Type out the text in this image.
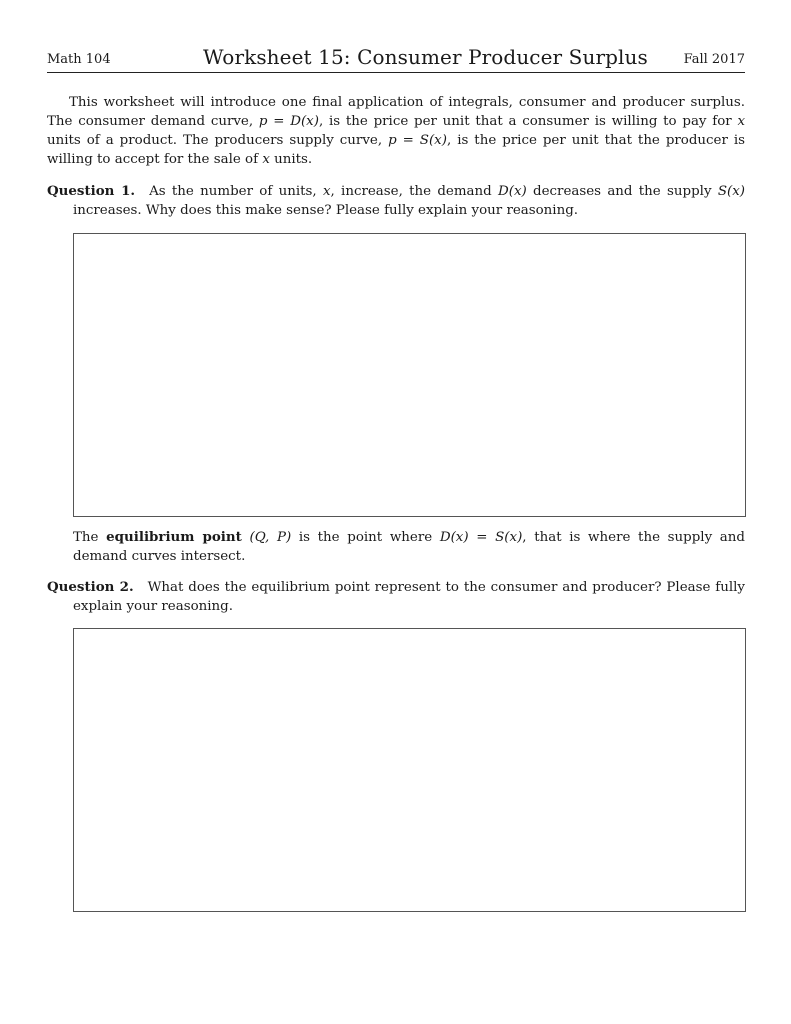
Math 104	Worksheet 15: Consumer Producer Surplus	Fall 2017
This worksheet will introduce one final application of integrals, consumer and producer surplus. The consumer demand curve, p = D(x), is the price per unit that a consumer is willing to pay for x units of a product. The producers supply curve, p = S(x), is the price per unit that the producer is willing to accept for the sale of x units.
Question 1. As the number of units, x, increase, the demand D(x) decreases and the supply S(x) increases. Why does this make sense? Please fully explain your reasoning.
The equilibrium point (Q, P) is the point where D(x) = S(x), that is where the supply and demand curves intersect.
Question 2. What does the equilibrium point represent to the consumer and producer? Please fully explain your reasoning.
